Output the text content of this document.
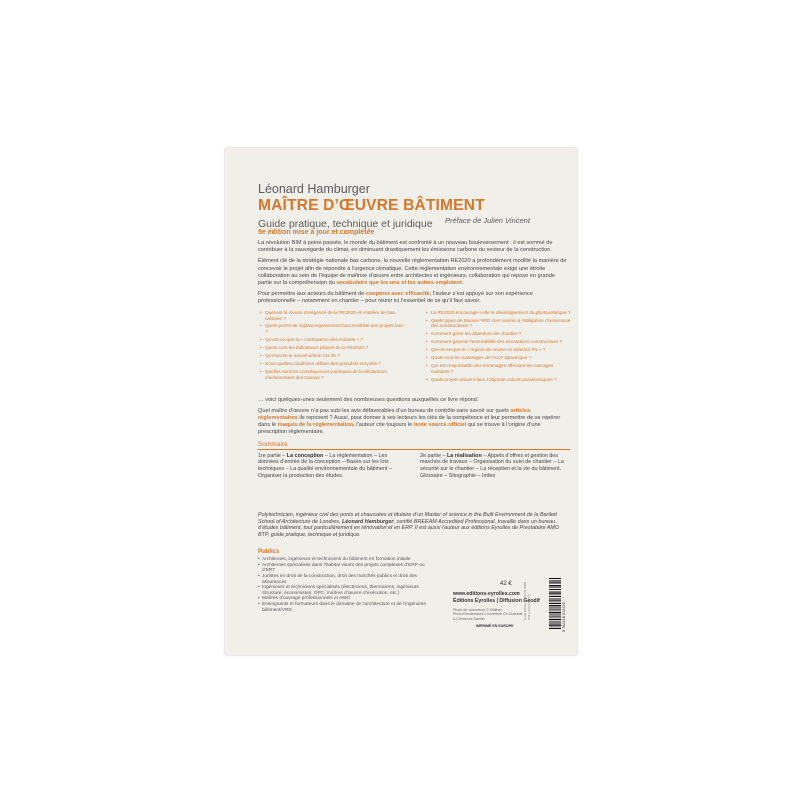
Léonard Hamburger

MAÎTRE D’ŒUVRE BÂTIMENT

Guide pratique, technique et juridique Préface de Julien Vincent

9e édition mise à jour et complétée

La révolution BIM à peine passée, le monde du bâtiment est confronté à un nouveau bouleversement : il est sommé de contribuer à la sauvegarde du climat, en diminuant drastiquement les émissions carbone du secteur de la construction.

Élément clé de la stratégie nationale bas carbone, la nouvelle réglementation RE2020 a profondément modifié la manière de concevoir le projet afin de répondre à l’urgence climatique. Cette réglementation environnementale exige une étroite collaboration au sein de l’équipe de maîtrise d’œuvre entre architectes et ingénieurs, collaboration qui repose en grande partie sur la compréhension du vocabulaire que les uns et les autres emploient.

Pour permettre aux acteurs du bâtiment de coopérer avec efficacité, l’auteur s’est appuyé sur son expérience professionnelle – notamment en chantier – pour réunir ici l’essentiel de ce qu’il faut savoir.

• Quel est le niveau d’exigence de la RE2020 en matière de bas-carbone ?

• Quels points de vigilance garantiront l’accessibilité des projets bois ?

• Qu’est-ce que la « controverse des Isolants » ?

• Quels sont les indicateurs phares de la RE2020 ?

• Qu’impose le nouvel article CH 35 ?

• Sous quelles conditions utiliser des granulats recyclés ?

• Quelles sont les conséquences juridiques de la déclaration d’achèvement des travaux ?

• La RE2020 encourage-t-elle le développement du photovoltaïque ?

• Quels types de travaux VRD sont soumis à l’obligation d’assurance des constructeurs ?

• Comment gérer les abandons de chantier ?

• Comment garantir l’assurabilité des innovations constructives ?

• Qu’est-ce que le « régime de neutre en schéma TN » ?

• Quels sont les avantages de l’ACV dynamique ?

• Qui est responsable des dommages affectant les ouvrages existants ?

• Quels projets doivent faire l’objet de calculs parasismiques ?

… voici quelques-unes seulement des nombreuses questions auxquelles ce livre répond.

Quel maître d’œuvre n’a pas subi les avis défavorables d’un bureau de contrôle sans savoir sur quels articles réglementaires ils reposent ? Aussi, pour donner à ses lecteurs les clés de la compétence et leur permettre de se repérer dans le maquis de la réglementation, l’auteur cite toujours le texte source officiel qui se trouve à l’origine d’une prescription réglementaire.

Sommaire

1re partie – La conception – La réglementation – Les données d’entrée de la conception – Bases sur les lots techniques – La qualité environnementale du bâtiment – Organiser la production des études.
2e partie – La réalisation – Appels d’offres et gestion des marchés de travaux – Organisation du suivi de chantier – La sécurité sur le chantier – La réception et la vie du bâtiment.
Glossaire – Sitographie – Index

Polytechnicien, ingénieur civil des ponts et chaussées et titulaire d’un Master of science in the Built Environment de la Bartlett School of Architecture de Londres, Léonard Hamburger, certifié BREEAM Accredited Professional, travaille dans un bureau d’études bâtiment, tout particulièrement en rénovation et en ERP. Il est aussi l’auteur aux éditions Eyrolles de Prestataire AMO BTP, guide pratique, technique et juridique.

Publics

• Architectes, ingénieurs et techniciens du bâtiment en formation initiale
• Architectes spécialisés dans l’habitat visant des projets complexes d’ERP ou d’ERT
• Juristes en droit de la construction, droit des marchés publics et droit des assurances
• Ingénieurs et techniciens spécialisés (électriciens, thermiciens, ingénieurs Structure, économistes, OPC, maîtres d’œuvre d’exécution, etc.)
• Maîtres d’ouvrage professionnels et AMO
• Enseignants et formateurs dans le domaine de l’architecture et de l’ingénierie bâtiment/VRD
42 €
www.editions-eyrolles.com
Éditions Eyrolles | Diffusion Geodif
Photo de couverture © Rüffner Photo/Shutterstock Couverture Ch.Guérinet & Clémence Daniler
IMPRIMÉ EN EUROPE
Code éditeur : G01241 ISBN : 978-2-416-01241-9	9 782416 012419
